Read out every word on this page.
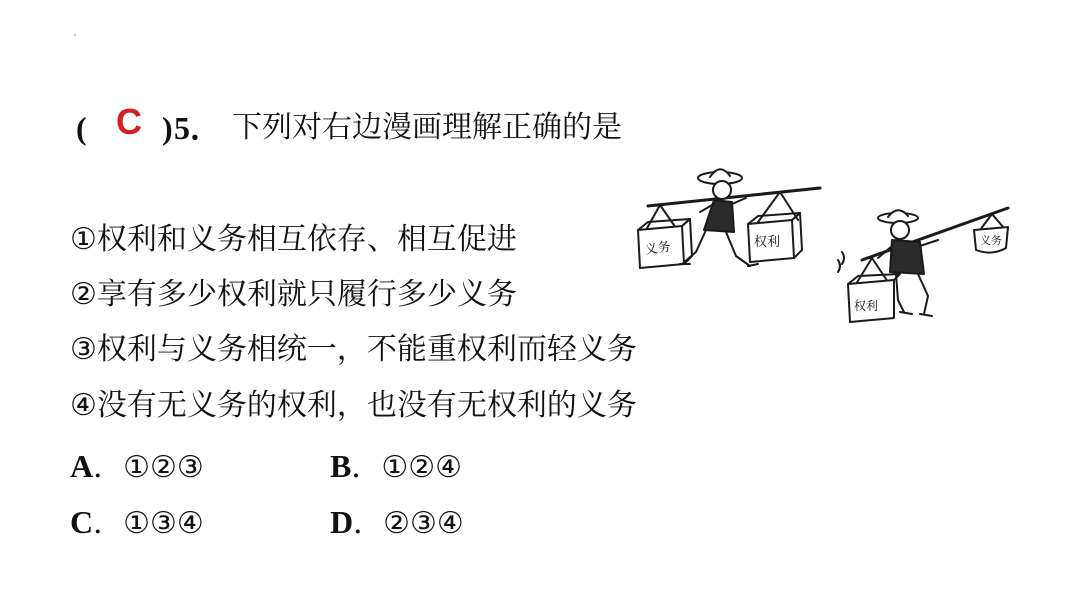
( C ) 5． 下列对右边漫画理解正确的是
①权利和义务相互依存、相互促进
②享有多少权利就只履行多少义务
③权利与义务相统一，不能重权利而轻义务
④没有无义务的权利，也没有无权利的义务
A．①②③	B．①②④
C．①③④	D．②③④
义务	权利	义务
权利
